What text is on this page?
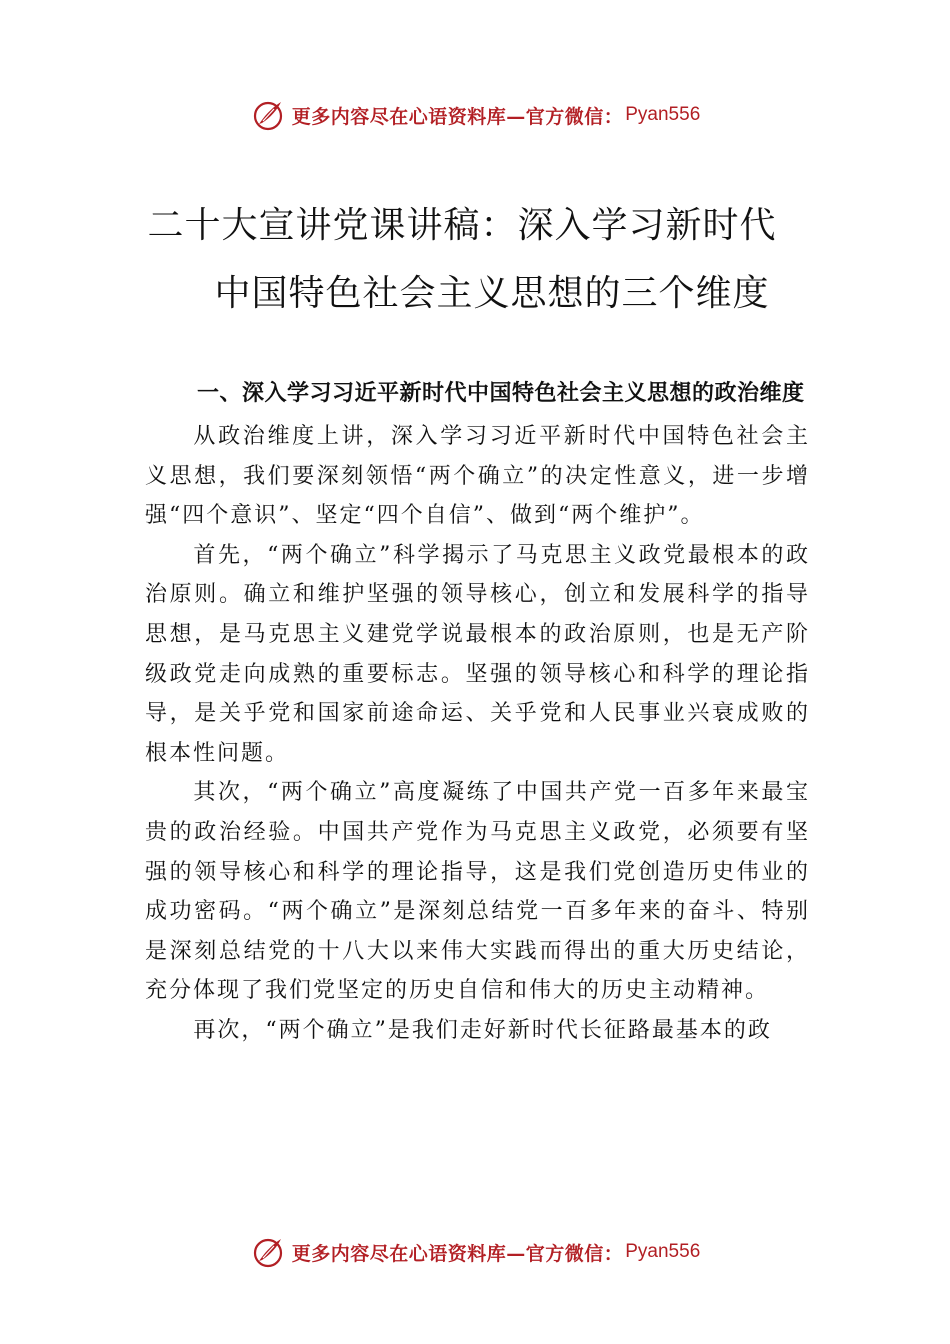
更多内容尽在心语资料库—官方微信： Pyan556
二十大宣讲党课讲稿：深入学习新时代
中国特色社会主义思想的三个维度

一、深入学习习近平新时代中国特色社会主义思想的政治维度

从政治维度上讲，深入学习习近平新时代中国特色社会主义思想，我们要深刻领悟“两个确立”的决定性意义，进一步增强“四个意识”、坚定“四个自信”、做到“两个维护”。

首先，“两个确立”科学揭示了马克思主义政党最根本的政治原则。确立和维护坚强的领导核心，创立和发展科学的指导思想，是马克思主义建党学说最根本的政治原则，也是无产阶级政党走向成熟的重要标志。坚强的领导核心和科学的理论指导，是关乎党和国家前途命运、关乎党和人民事业兴衰成败的根本性问题。

其次，“两个确立”高度凝练了中国共产党一百多年来最宝贵的政治经验。中国共产党作为马克思主义政党，必须要有坚强的领导核心和科学的理论指导，这是我们党创造历史伟业的成功密码。“两个确立”是深刻总结党一百多年来的奋斗、特别是深刻总结党的十八大以来伟大实践而得出的重大历史结论，充分体现了我们党坚定的历史自信和伟大的历史主动精神。

再次，“两个确立”是我们走好新时代长征路最基本的政

更多内容尽在心语资料库—官方微信： Pyan556
